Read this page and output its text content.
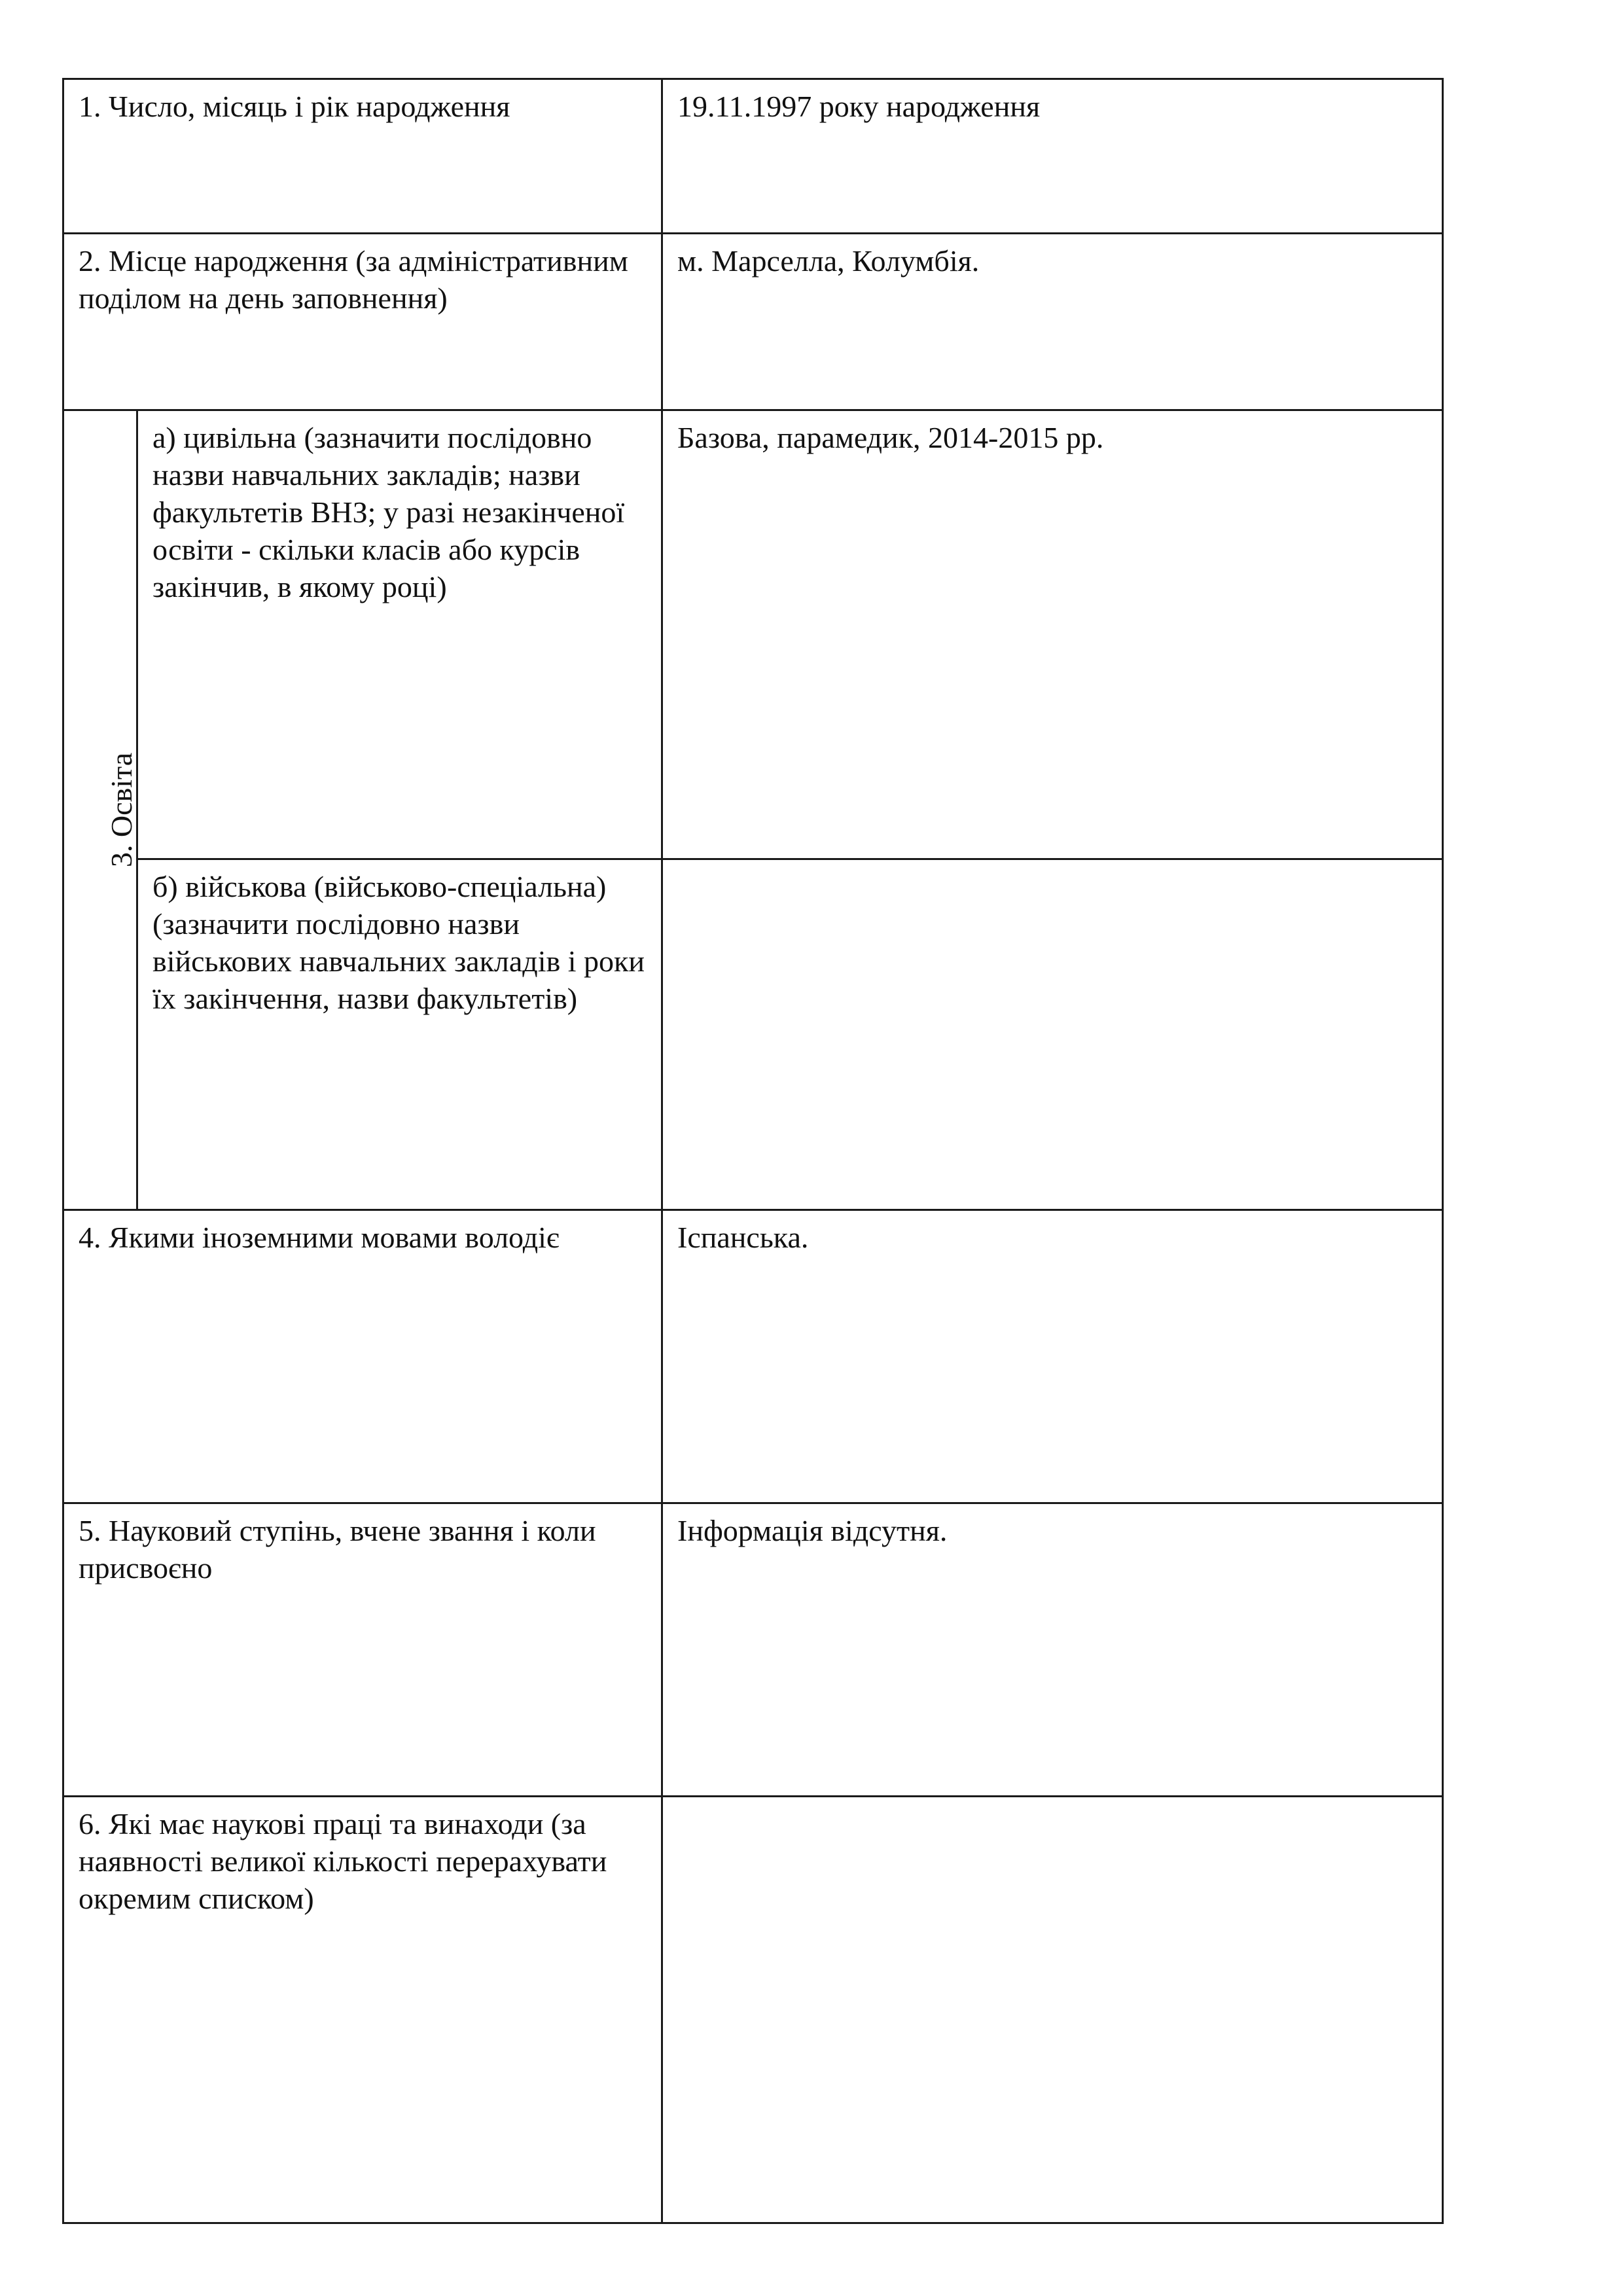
1. Число, місяць і рік народження		19.11.1997 року народження
2. Місце народження (за адміністративним поділом на день заповнення)		м. Марселла, Колумбія.
3. Освіта	а) цивільна (зазначити послідовно назви навчальних закладів; назви факультетів ВНЗ; у разі незакінченої освіти - скільки класів або курсів закінчив, в якому році)	Базова, парамедик, 2014-2015 рр.
	б) військова (військово-спеціальна) (зазначити послідовно назви військових навчальних закладів і роки їх закінчення, назви факультетів)	
4. Якими іноземними мовами володіє		Іспанська.
5. Науковий ступінь, вчене звання і коли присвоєно		Інформація відсутня.
6. Які має наукові праці та винаходи (за наявності великої кількості перерахувати окремим списком)		
